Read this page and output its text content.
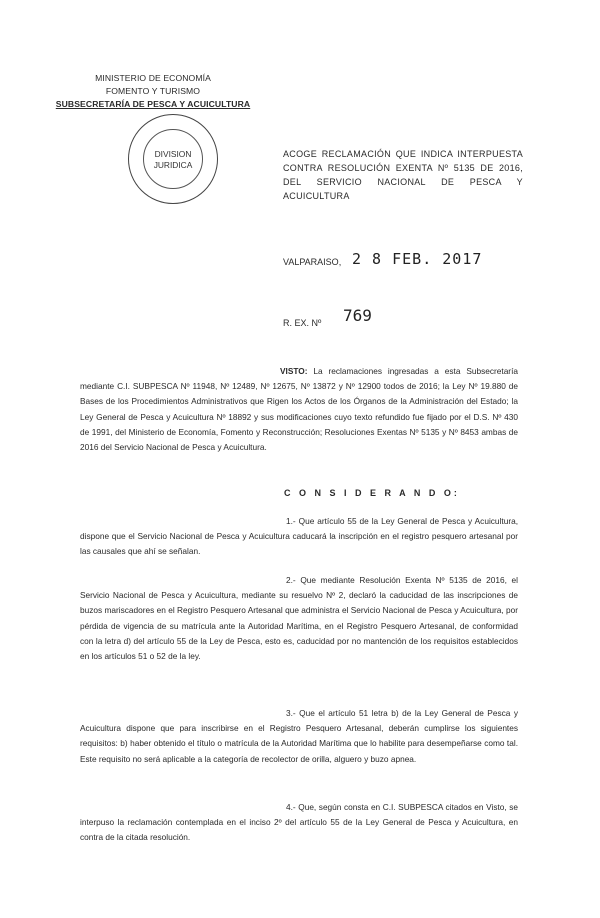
MINISTERIO DE ECONOMÍA
FOMENTO Y TURISMO
SUBSECRETARÍA DE PESCA Y ACUICULTURA
DIVISION
JURIDICA
ACOGE RECLAMACIÓN QUE INDICA INTERPUESTA CONTRA RESOLUCIÓN EXENTA Nº 5135 DE 2016, DEL SERVICIO NACIONAL DE PESCA Y ACUICULTURA
VALPARAISO, 2 8 FEB. 2017
R. EX. Nº 769
VISTO: La reclamaciones ingresadas a esta Subsecretaría mediante C.I. SUBPESCA Nº 11948, Nº 12489, Nº 12675, Nº 13872 y Nº 12900 todos de 2016; la Ley Nº 19.880 de Bases de los Procedimientos Administrativos que Rigen los Actos de los Órganos de la Administración del Estado; la Ley General de Pesca y Acuicultura Nº 18892 y sus modificaciones cuyo texto refundido fue fijado por el D.S. Nº 430 de 1991, del Ministerio de Economía, Fomento y Reconstrucción; Resoluciones Exentas Nº 5135 y Nº 8453 ambas de 2016 del Servicio Nacional de Pesca y Acuicultura.
C O N S I D E R A N D O:
1.- Que artículo 55 de la Ley General de Pesca y Acuicultura, dispone que el Servicio Nacional de Pesca y Acuicultura caducará la inscripción en el registro pesquero artesanal por las causales que ahí se señalan.
2.- Que mediante Resolución Exenta Nº 5135 de 2016, el Servicio Nacional de Pesca y Acuicultura, mediante su resuelvo Nº 2, declaró la caducidad de las inscripciones de buzos mariscadores en el Registro Pesquero Artesanal que administra el Servicio Nacional de Pesca y Acuicultura, por pérdida de vigencia de su matrícula ante la Autoridad Marítima, en el Registro Pesquero Artesanal, de conformidad con la letra d) del artículo 55 de la Ley de Pesca, esto es, caducidad por no mantención de los requisitos establecidos en los artículos 51 o 52 de la ley.
3.- Que el artículo 51 letra b) de la Ley General de Pesca y Acuicultura dispone que para inscribirse en el Registro Pesquero Artesanal, deberán cumplirse los siguientes requisitos: b) haber obtenido el título o matrícula de la Autoridad Marítima que lo habilite para desempeñarse como tal. Este requisito no será aplicable a la categoría de recolector de orilla, alguero y buzo apnea.
4.- Que, según consta en C.I. SUBPESCA citados en Visto, se interpuso la reclamación contemplada en el inciso 2º del artículo 55 de la Ley General de Pesca y Acuicultura, en contra de la citada resolución.
